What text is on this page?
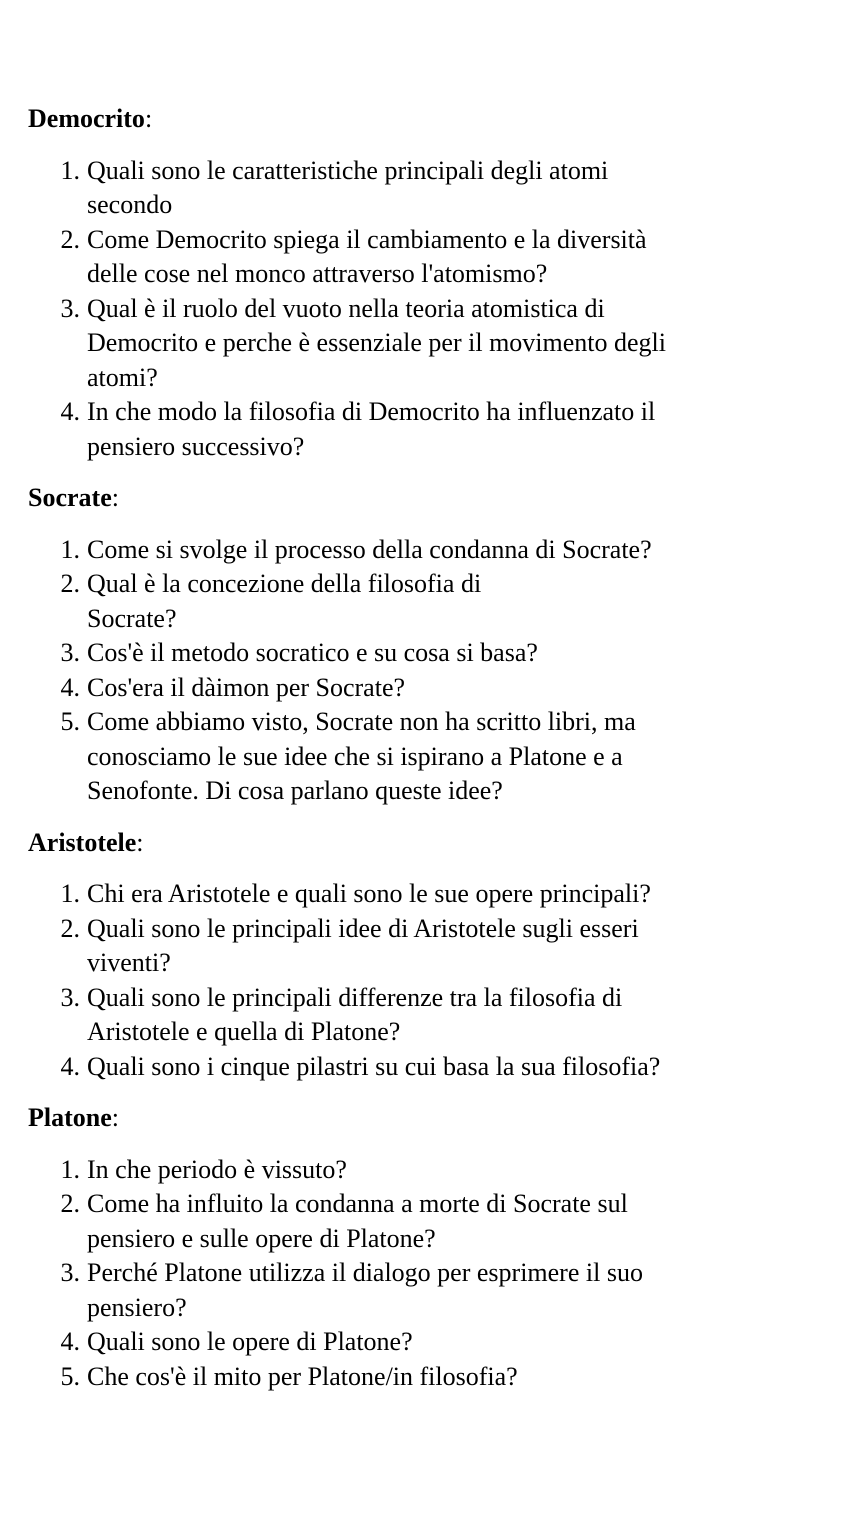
Democrito:

1. Quali sono le caratteristiche principali degli atomi
secondo
2. Come Democrito spiega il cambiamento e la diversità
delle cose nel monco attraverso l'atomismo?
3. Qual è il ruolo del vuoto nella teoria atomistica di
Democrito e perche è essenziale per il movimento degli
atomi?
4. In che modo la filosofia di Democrito ha influenzato il
pensiero successivo?

Socrate:

1. Come si svolge il processo della condanna di Socrate?
2. Qual è la concezione della filosofia di
Socrate?
3. Cos'è il metodo socratico e su cosa si basa?
4. Cos'era il dàimon per Socrate?
5. Come abbiamo visto, Socrate non ha scritto libri, ma
conosciamo le sue idee che si ispirano a Platone e a
Senofonte. Di cosa parlano queste idee?

Aristotele:

1. Chi era Aristotele e quali sono le sue opere principali?
2. Quali sono le principali idee di Aristotele sugli esseri
viventi?
3. Quali sono le principali differenze tra la filosofia di
Aristotele e quella di Platone?
4. Quali sono i cinque pilastri su cui basa la sua filosofia?

Platone:

1. In che periodo è vissuto?
2. Come ha influito la condanna a morte di Socrate sul
pensiero e sulle opere di Platone?
3. Perché Platone utilizza il dialogo per esprimere il suo
pensiero?
4. Quali sono le opere di Platone?
5. Che cos'è il mito per Platone/in filosofia?
